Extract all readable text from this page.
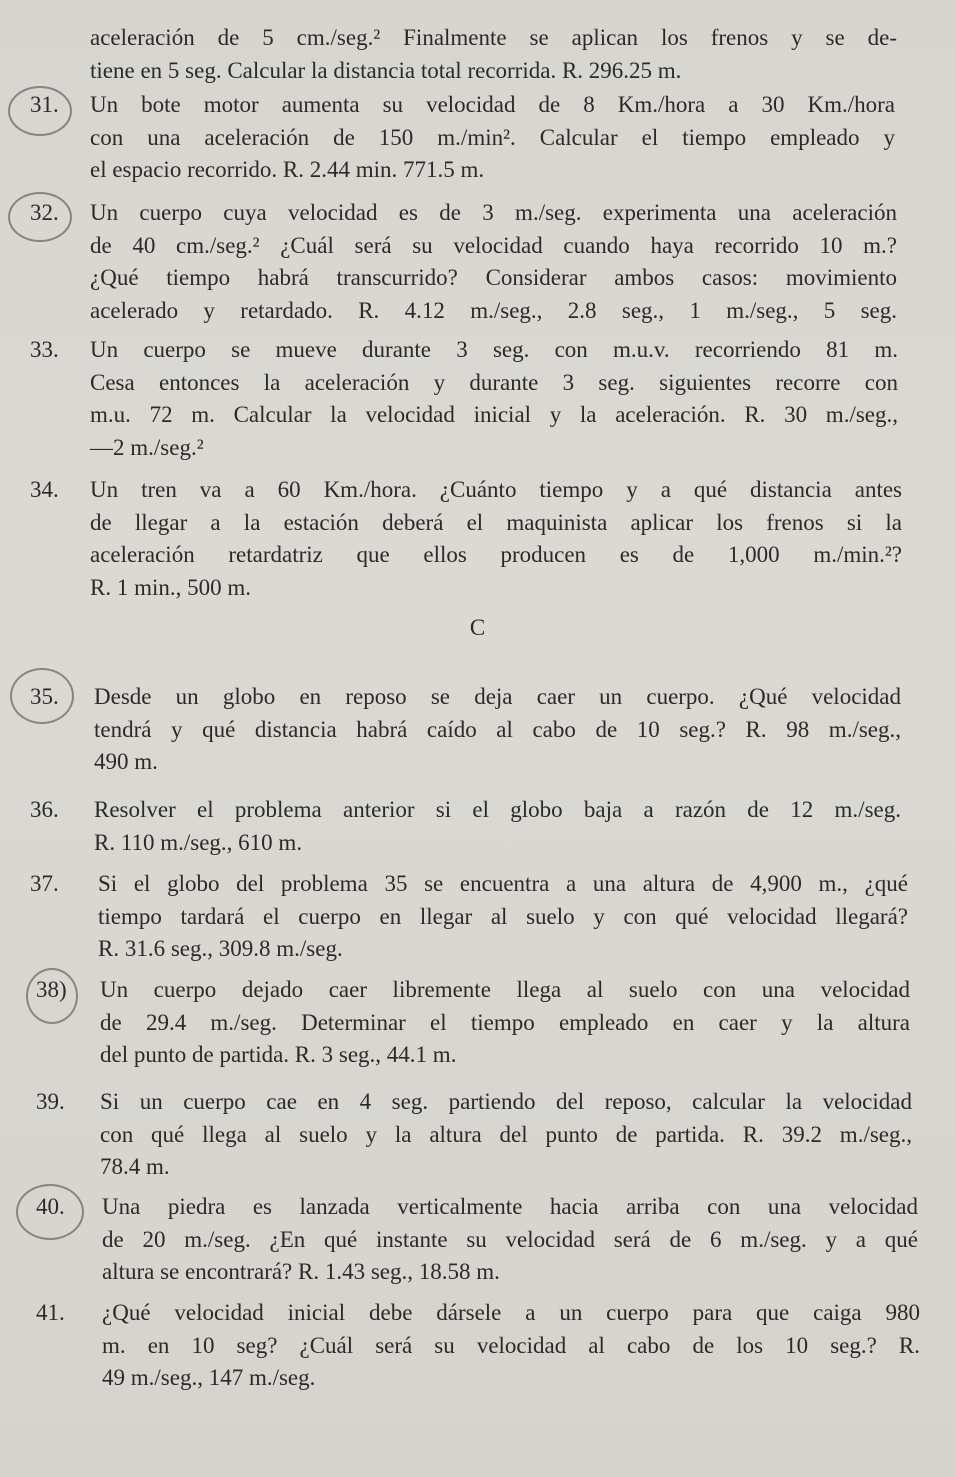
C
aceleración de 5 cm./seg.² Finalmente se aplican los frenos y se de-
tiene en 5 seg. Calcular la distancia total recorrida. R. 296.25 m.
31. Un bote motor aumenta su velocidad de 8 Km./hora a 30 Km./hora
con una aceleración de 150 m./min². Calcular el tiempo empleado y
el espacio recorrido. R. 2.44 min. 771.5 m.
32. Un cuerpo cuya velocidad es de 3 m./seg. experimenta una aceleración
de 40 cm./seg.² ¿Cuál será su velocidad cuando haya recorrido 10 m.?
¿Qué tiempo habrá transcurrido? Considerar ambos casos: movimiento
acelerado y retardado. R. 4.12 m./seg., 2.8 seg., 1 m./seg., 5 seg.
33. Un cuerpo se mueve durante 3 seg. con m.u.v. recorriendo 81 m.
Cesa entonces la aceleración y durante 3 seg. siguientes recorre con
m.u. 72 m. Calcular la velocidad inicial y la aceleración. R. 30 m./seg.,
—2 m./seg.²
34. Un tren va a 60 Km./hora. ¿Cuánto tiempo y a qué distancia antes
de llegar a la estación deberá el maquinista aplicar los frenos si la
aceleración retardatriz que ellos producen es de 1,000 m./min.²?
R. 1 min., 500 m.
35. Desde un globo en reposo se deja caer un cuerpo. ¿Qué velocidad
tendrá y qué distancia habrá caído al cabo de 10 seg.? R. 98 m./seg.,
490 m.
36. Resolver el problema anterior si el globo baja a razón de 12 m./seg.
R. 110 m./seg., 610 m.
37. Si el globo del problema 35 se encuentra a una altura de 4,900 m., ¿qué
tiempo tardará el cuerpo en llegar al suelo y con qué velocidad llegará?
R. 31.6 seg., 309.8 m./seg.
38) Un cuerpo dejado caer libremente llega al suelo con una velocidad
de 29.4 m./seg. Determinar el tiempo empleado en caer y la altura
del punto de partida. R. 3 seg., 44.1 m.
39. Si un cuerpo cae en 4 seg. partiendo del reposo, calcular la velocidad
con qué llega al suelo y la altura del punto de partida. R. 39.2 m./seg.,
78.4 m.
40. Una piedra es lanzada verticalmente hacia arriba con una velocidad
de 20 m./seg. ¿En qué instante su velocidad será de 6 m./seg. y a qué
altura se encontrará? R. 1.43 seg., 18.58 m.
41. ¿Qué velocidad inicial debe dársele a un cuerpo para que caiga 980
m. en 10 seg? ¿Cuál será su velocidad al cabo de los 10 seg.? R.
49 m./seg., 147 m./seg.
